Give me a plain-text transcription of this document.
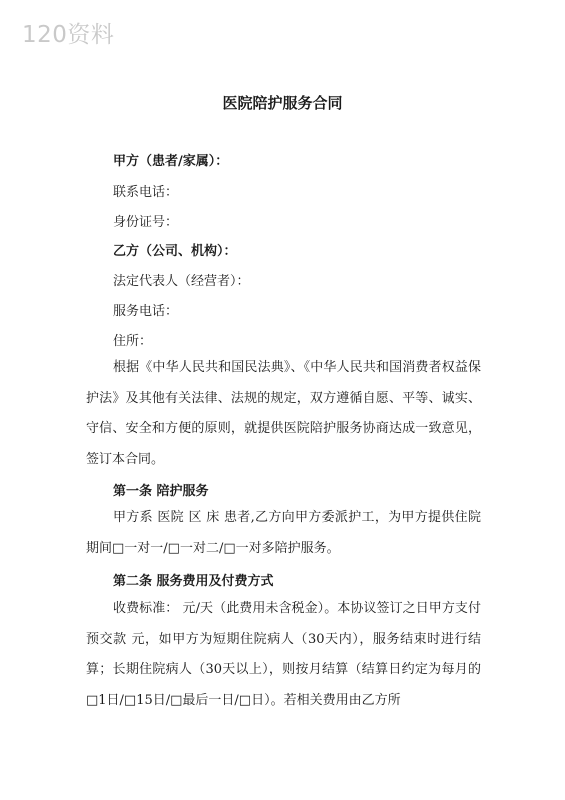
120资料
医院陪护服务合同
甲方（患者/家属）：
联系电话：
身份证号：
乙方（公司、机构）：
法定代表人（经营者）：
服务电话：
住所：
根据《中华人民共和国民法典》、《中华人民共和国消费者权益保护法》及其他有关法律、法规的规定，双方遵循自愿、平等、诚实、守信、安全和方便的原则，就提供医院陪护服务协商达成一致意见，签订本合同。
第一条 陪护服务
甲方系 医院 区 床 患者,乙方向甲方委派护工，为甲方提供住院期间□一对一/□一对二/□一对多陪护服务。
第二条 服务费用及付费方式
收费标准： 元/天（此费用未含税金）。本协议签订之日甲方支付预交款 元，如甲方为短期住院病人（30天内），服务结束时进行结算；长期住院病人（30天以上），则按月结算（结算日约定为每月的□1日/□15日/□最后一日/□日）。若相关费用由乙方所
